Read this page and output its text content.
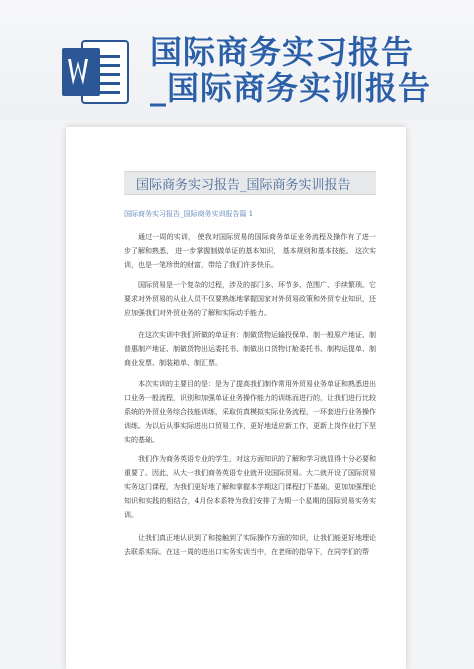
国际商务实习报告
_国际商务实训报告
国际商务实习报告_国际商务实训报告
国际商务实习报告_国际商务实训报告篇 1

通过一周的实训， 使我对国际贸易的国际商务单证业务流程及操作有了进一步了解和熟悉， 进一步掌握制做单证的基本知识， 基本规则和基本技能。 这次实训，也是一笔珍贵的财富，带给了我们许多快乐。

国际贸易是一个复杂的过程，涉及的部门多、环节多、范围广、手续繁琐。它要求对外贸易的从业人员不仅要熟练地掌握国家对外贸易政策和外贸专业知识，还应加强我们对外贸业务的了解和实际动手能力。

在这次实训中我们所做的单证有：制做货物运输投保单、制一般原产地证、制普惠制产地证、制做货物出运委托书、制做出口货物订舱委托书、制构运提单、制商业发票、制装箱单、制汇票。

本次实训的主要目的是：是为了提高我们制作常用外贸易业务单证和熟悉进出口业务一般流程，识别和加强单证业务操作能力的训练而进行的，让我们进行比较系统的外贸业务综合技能训练，采取仿真模拟实际业务流程，一环套进行业务操作训练。为以后从事实际进出口贸易工作，更好地适应新工作，更新上岗作业打下坚实的基础。

我们作为商务英语专业的学生，对这方面知识的了解和学习就显得十分必要和重要了。因此，从大一我们商务英语专业就开设国际贸易。大二就开设了国际贸易实务这门课程，为我们更好地了解和掌握本学期这门课程打下基础，更加加强理论知识和实践的相结合，4月份本系特为我们安排了为期一个星期的国际贸易实务实训。

让我们真正地认识到了和接触到了实际操作方面的知识，让我们能更好地理论去联系实际。在这一周的进出口实务实训当中，在老师的指导下，在同学们的帮
